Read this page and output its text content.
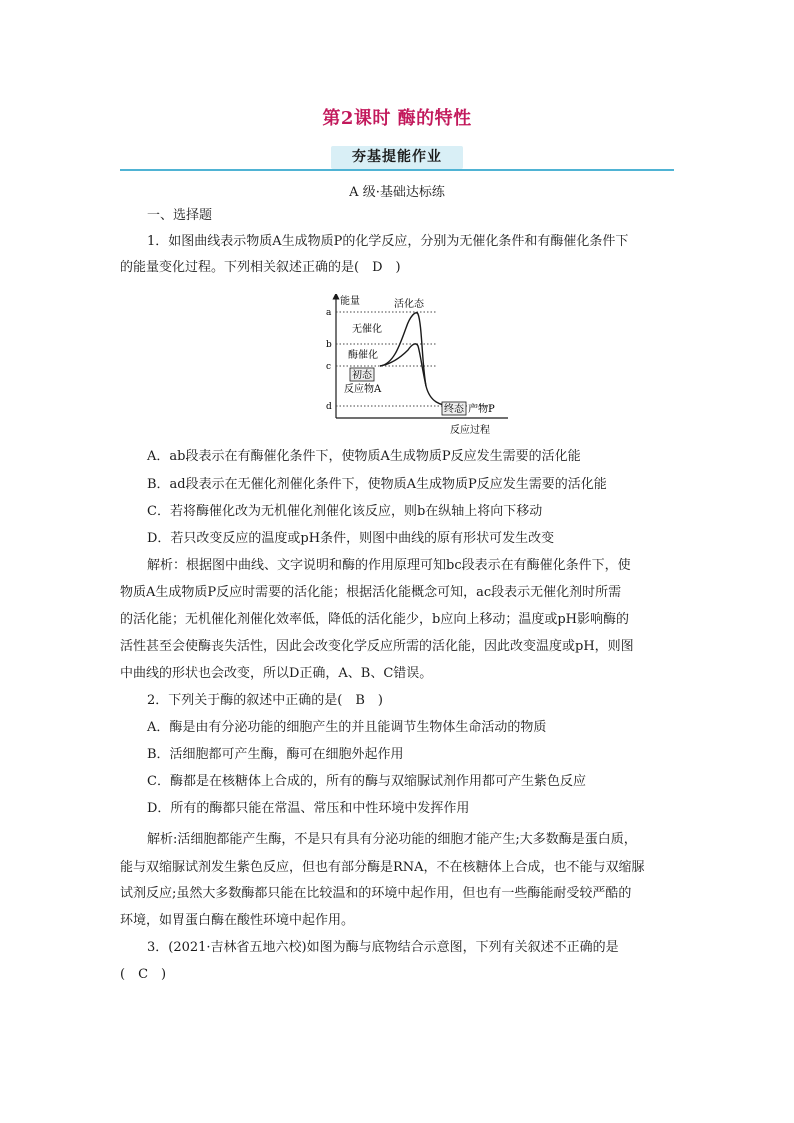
第2课时 酶的特性
夯基提能作业
A 级·基础达标练
一、选择题
1．如图曲线表示物质A生成物质P的化学反应，分别为无催化条件和有酶催化条件下
的能量变化过程。下列相关叙述正确的是(　D　)
a
b
c
d
能量
反应过程
活化态
无催化
酶催化
初态
反应物A
终态 产物P
A．ab段表示在有酶催化条件下，使物质A生成物质P反应发生需要的活化能
B．ad段表示在无催化剂催化条件下，使物质A生成物质P反应发生需要的活化能
C．若将酶催化改为无机催化剂催化该反应，则b在纵轴上将向下移动
D．若只改变反应的温度或pH条件，则图中曲线的原有形状可发生改变
解析：根据图中曲线、文字说明和酶的作用原理可知bc段表示在有酶催化条件下，使
物质A生成物质P反应时需要的活化能；根据活化能概念可知，ac段表示无催化剂时所需
的活化能；无机催化剂催化效率低，降低的活化能少，b应向上移动；温度或pH影响酶的
活性甚至会使酶丧失活性，因此会改变化学反应所需的活化能，因此改变温度或pH，则图
中曲线的形状也会改变，所以D正确，A、B、C错误。
2．下列关于酶的叙述中正确的是(　B　)
A．酶是由有分泌功能的细胞产生的并且能调节生物体生命活动的物质
B．活细胞都可产生酶，酶可在细胞外起作用
C．酶都是在核糖体上合成的，所有的酶与双缩脲试剂作用都可产生紫色反应
D．所有的酶都只能在常温、常压和中性环境中发挥作用
解析:活细胞都能产生酶，不是只有具有分泌功能的细胞才能产生;大多数酶是蛋白质，
能与双缩脲试剂发生紫色反应，但也有部分酶是RNA，不在核糖体上合成，也不能与双缩脲
试剂反应;虽然大多数酶都只能在比较温和的环境中起作用，但也有一些酶能耐受较严酷的
环境，如胃蛋白酶在酸性环境中起作用。
3．(2021·吉林省五地六校)如图为酶与底物结合示意图，下列有关叙述不正确的是
(　C　)
